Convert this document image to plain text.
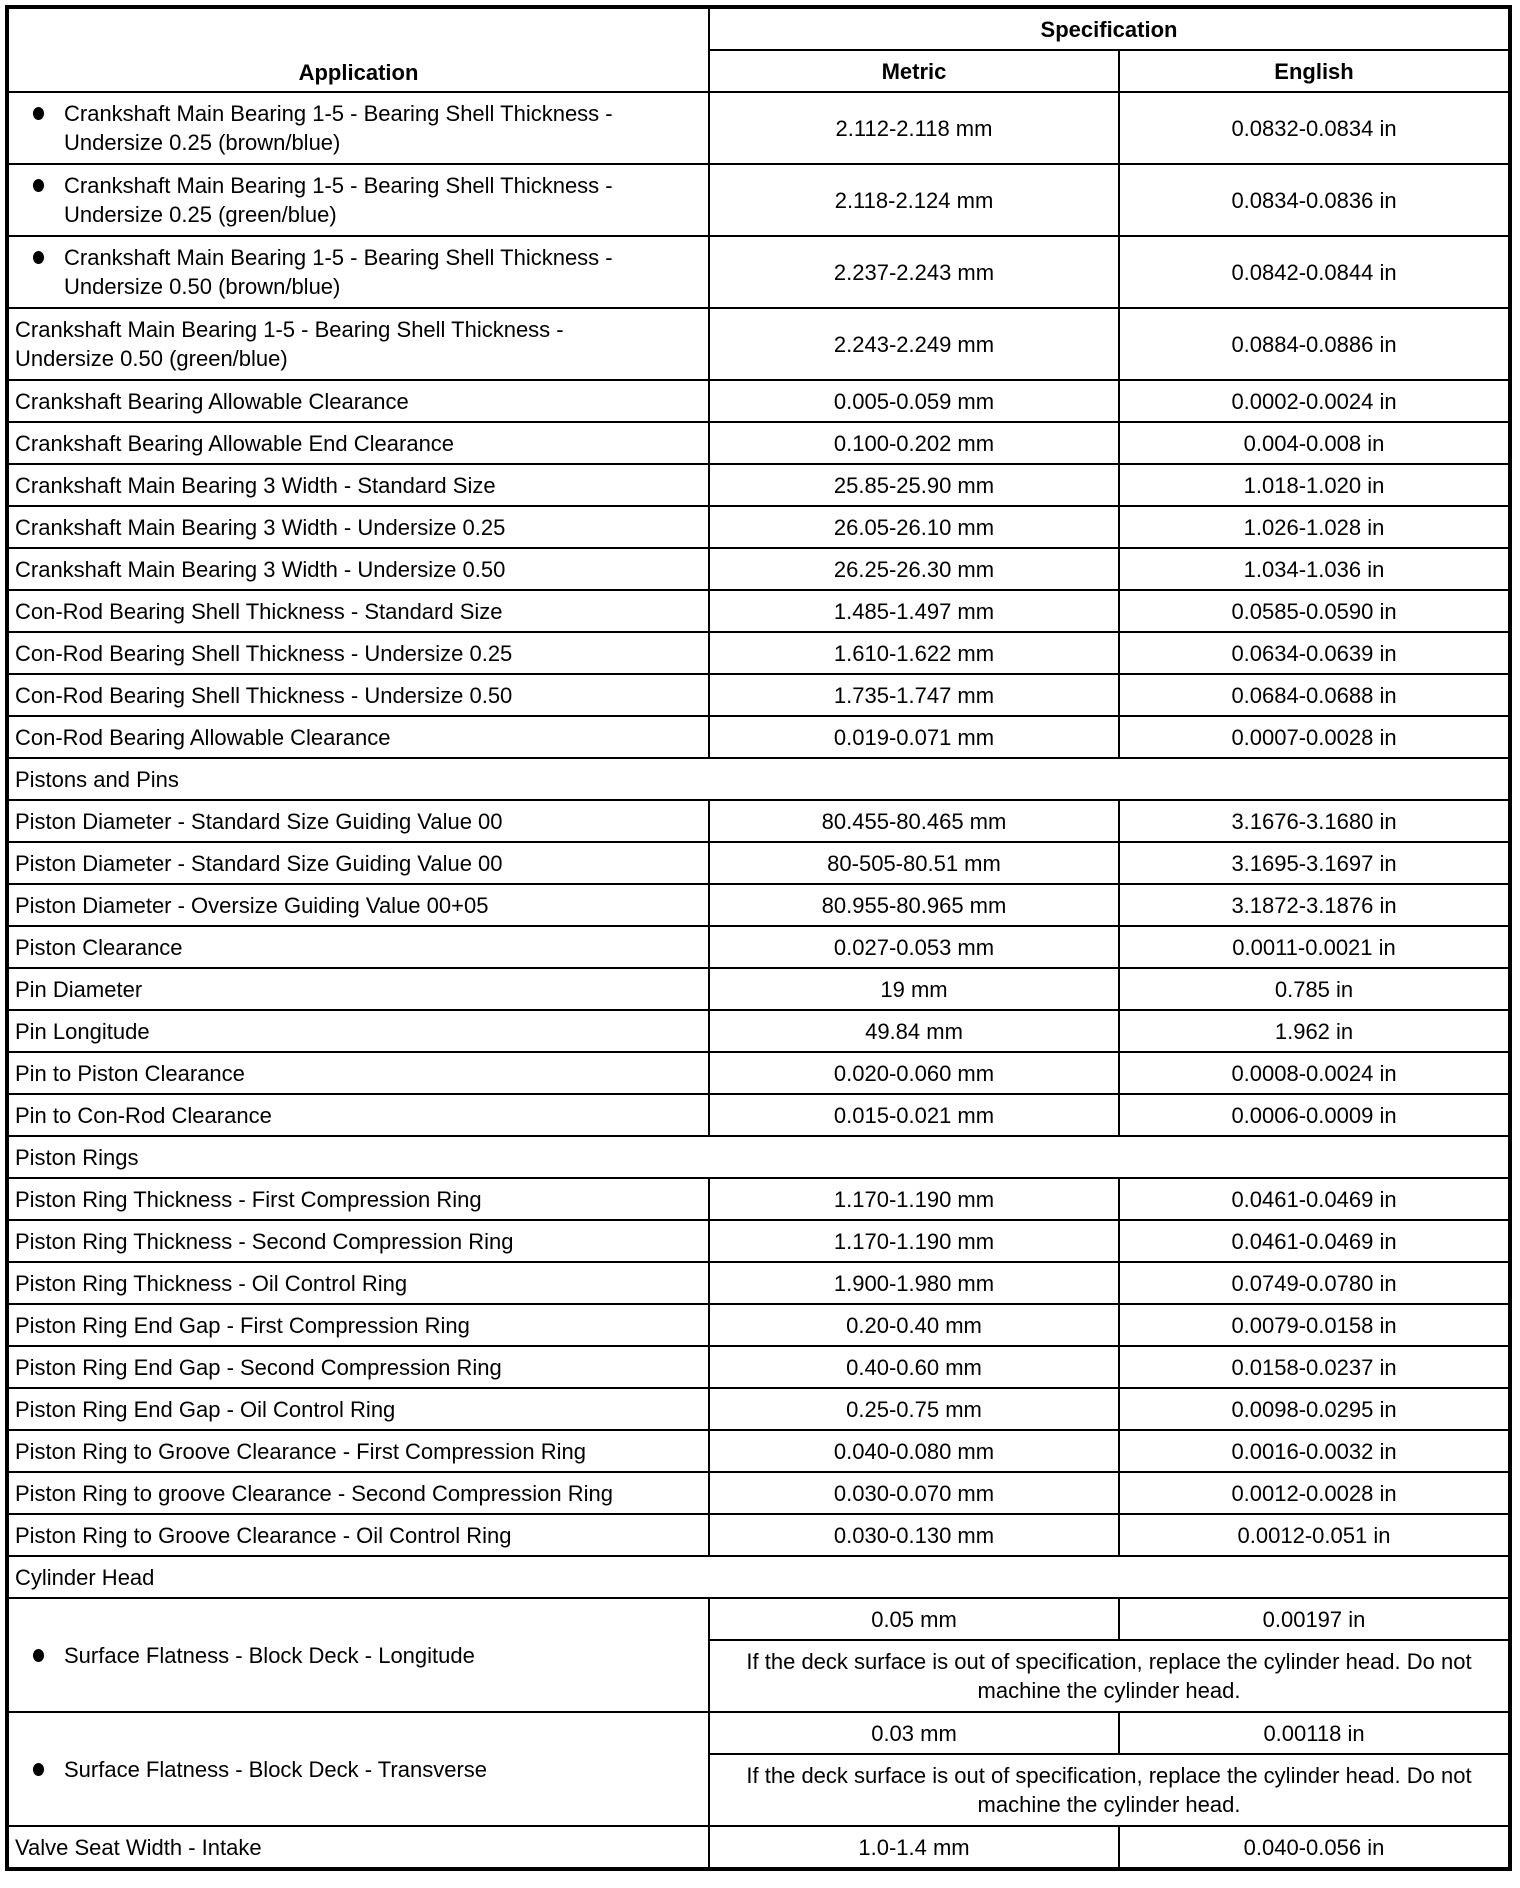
Application	Specification	
	Metric	English

Crankshaft Main Bearing 1-5 - Bearing Shell Thickness - Undersize 0.25 (brown/blue)	2.112-2.118 mm	0.0832-0.0834 in

Crankshaft Main Bearing 1-5 - Bearing Shell Thickness - Undersize 0.25 (green/blue)	2.118-2.124 mm	0.0834-0.0836 in

Crankshaft Main Bearing 1-5 - Bearing Shell Thickness - Undersize 0.50 (brown/blue)	2.237-2.243 mm	0.0842-0.0844 in
Crankshaft Main Bearing 1-5 - Bearing Shell Thickness - Undersize 0.50 (green/blue)	2.243-2.249 mm	0.0884-0.0886 in
Crankshaft Bearing Allowable Clearance	0.005-0.059 mm	0.0002-0.0024 in
Crankshaft Bearing Allowable End Clearance	0.100-0.202 mm	0.004-0.008 in
Crankshaft Main Bearing 3 Width - Standard Size	25.85-25.90 mm	1.018-1.020 in
Crankshaft Main Bearing 3 Width - Undersize 0.25	26.05-26.10 mm	1.026-1.028 in
Crankshaft Main Bearing 3 Width - Undersize 0.50	26.25-26.30 mm	1.034-1.036 in
Con-Rod Bearing Shell Thickness - Standard Size	1.485-1.497 mm	0.0585-0.0590 in
Con-Rod Bearing Shell Thickness - Undersize 0.25	1.610-1.622 mm	0.0634-0.0639 in
Con-Rod Bearing Shell Thickness - Undersize 0.50	1.735-1.747 mm	0.0684-0.0688 in
Con-Rod Bearing Allowable Clearance	0.019-0.071 mm	0.0007-0.0028 in
Pistons and Pins		
Piston Diameter - Standard Size Guiding Value 00	80.455-80.465 mm	3.1676-3.1680 in
Piston Diameter - Standard Size Guiding Value 00	80-505-80.51 mm	3.1695-3.1697 in
Piston Diameter - Oversize Guiding Value 00+05	80.955-80.965 mm	3.1872-3.1876 in
Piston Clearance	0.027-0.053 mm	0.0011-0.0021 in
Pin Diameter	19 mm	0.785 in
Pin Longitude	49.84 mm	1.962 in
Pin to Piston Clearance	0.020-0.060 mm	0.0008-0.0024 in
Pin to Con-Rod Clearance	0.015-0.021 mm	0.0006-0.0009 in
Piston Rings		
Piston Ring Thickness - First Compression Ring	1.170-1.190 mm	0.0461-0.0469 in
Piston Ring Thickness - Second Compression Ring	1.170-1.190 mm	0.0461-0.0469 in
Piston Ring Thickness - Oil Control Ring	1.900-1.980 mm	0.0749-0.0780 in
Piston Ring End Gap - First Compression Ring	0.20-0.40 mm	0.0079-0.0158 in
Piston Ring End Gap - Second Compression Ring	0.40-0.60 mm	0.0158-0.0237 in
Piston Ring End Gap - Oil Control Ring	0.25-0.75 mm	0.0098-0.0295 in
Piston Ring to Groove Clearance - First Compression Ring	0.040-0.080 mm	0.0016-0.0032 in
Piston Ring to groove Clearance - Second Compression Ring	0.030-0.070 mm	0.0012-0.0028 in
Piston Ring to Groove Clearance - Oil Control Ring	0.030-0.130 mm	0.0012-0.051 in
Cylinder Head		

Surface Flatness - Block Deck - Longitude	0.05 mm	0.00197 in
	If the deck surface is out of specification, replace the cylinder head. Do not machine the cylinder head.	

Surface Flatness - Block Deck - Transverse	0.03 mm	0.00118 in
	If the deck surface is out of specification, replace the cylinder head. Do not machine the cylinder head.	
Valve Seat Width - Intake	1.0-1.4 mm	0.040-0.056 in
